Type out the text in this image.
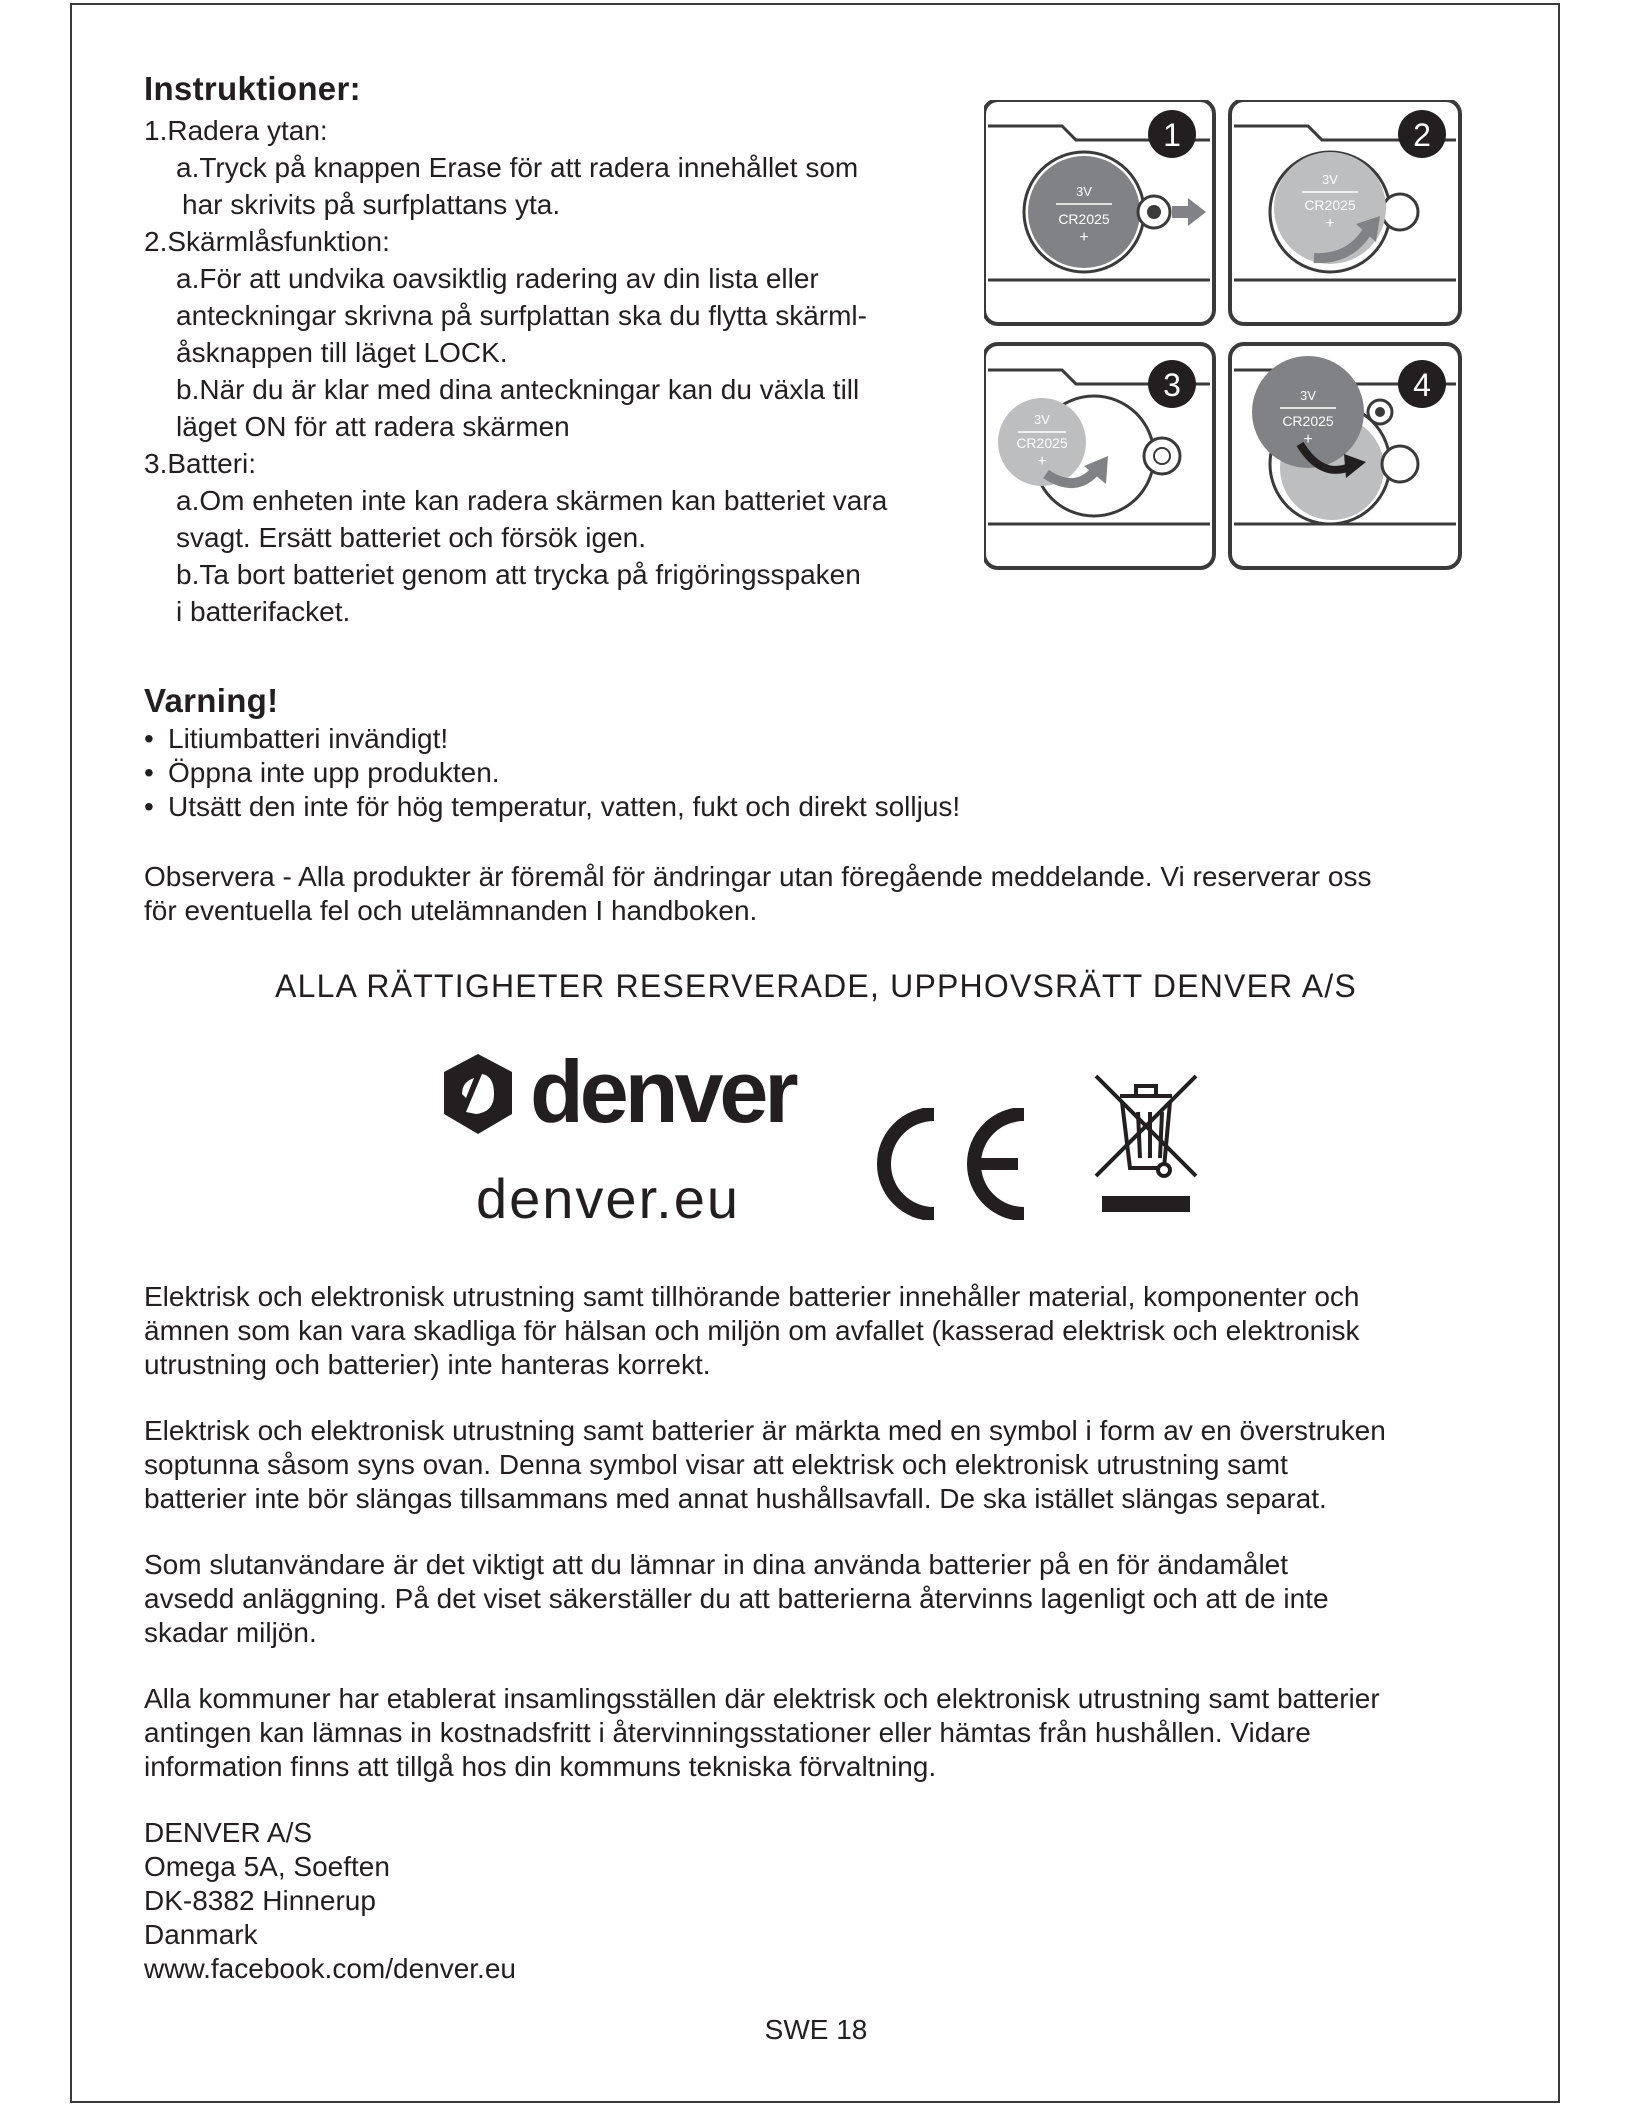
Instruktioner:
1.Radera ytan:
a.Tryck på knappen Erase för att radera innehållet som
har skrivits på surfplattans yta.
2.Skärmlåsfunktion:
a.För att undvika oavsiktlig radering av din lista eller
anteckningar skrivna på surfplattan ska du flytta skärml-
åsknappen till läget LOCK.
b.När du är klar med dina anteckningar kan du växla till
läget ON för att radera skärmen
3.Batteri:
a.Om enheten inte kan radera skärmen kan batteriet vara
svagt. Ersätt batteriet och försök igen.
b.Ta bort batteriet genom att trycka på frigöringsspaken
i batterifacket.
3V
CR2025
+
1
3V
CR2025
+
2
3V
CR2025
+
3	3V
CR2025
+
4
Varning!
• Litiumbatteri invändigt!
• Öppna inte upp produkten.
• Utsätt den inte för hög temperatur, vatten, fukt och direkt solljus!
Observera - Alla produkter är föremål för ändringar utan föregående meddelande. Vi reserverar oss
för eventuella fel och utelämnanden I handboken.
ALLA RÄTTIGHETER RESERVERADE, UPPHOVSRÄTT DENVER A/S
denver
denver.eu
Elektrisk och elektronisk utrustning samt tillhörande batterier innehåller material, komponenter och
ämnen som kan vara skadliga för hälsan och miljön om avfallet (kasserad elektrisk och elektronisk
utrustning och batterier) inte hanteras korrekt.
Elektrisk och elektronisk utrustning samt batterier är märkta med en symbol i form av en överstruken
soptunna såsom syns ovan. Denna symbol visar att elektrisk och elektronisk utrustning samt
batterier inte bör slängas tillsammans med annat hushållsavfall. De ska istället slängas separat.
Som slutanvändare är det viktigt att du lämnar in dina använda batterier på en för ändamålet
avsedd anläggning. På det viset säkerställer du att batterierna återvinns lagenligt och att de inte
skadar miljön.
Alla kommuner har etablerat insamlingsställen där elektrisk och elektronisk utrustning samt batterier
antingen kan lämnas in kostnadsfritt i återvinningsstationer eller hämtas från hushållen. Vidare
information finns att tillgå hos din kommuns tekniska förvaltning.
DENVER A/S
Omega 5A, Soeften
DK-8382 Hinnerup
Danmark
www.facebook.com/denver.eu
SWE 18
